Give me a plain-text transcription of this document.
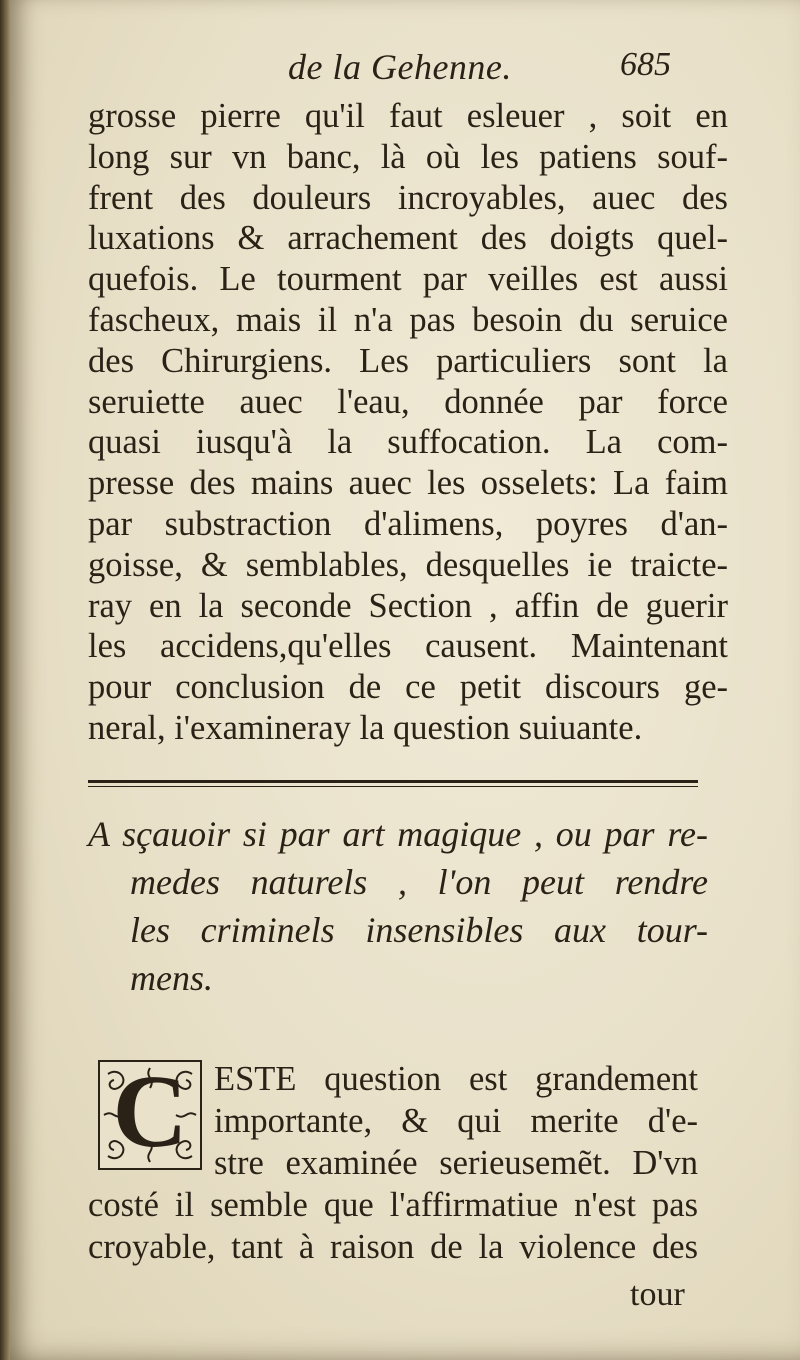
de la Gehenne.	685
grosse pierre qu'il faut esleuer , soit en
long sur vn banc, là où les patiens souf-
frent des douleurs incroyables, auec des
luxations & arrachement des doigts quel-
quefois. Le tourment par veilles est aussi
fascheux, mais il n'a pas besoin du seruice
des Chirurgiens. Les particuliers sont la
seruiette auec l'eau, donnée par force
quasi iusqu'à la suffocation. La com-
presse des mains auec les osselets: La faim
par substraction d'alimens, poyres d'an-
goisse, & semblables, desquelles ie traicte-
ray en la seconde Section , affin de guerir
les accidens,qu'elles causent. Maintenant
pour conclusion de ce petit discours ge-
neral, i'examineray la question suiuante.
A sçauoir si par art magique , ou par re-
medes naturels , l'on peut rendre
les criminels insensibles aux tour-
mens.
C ESTE question est grandement
importante, & qui merite d'e-
stre examinée serieusemẽt. D'vn
costé il semble que l'affirmatiue n'est pas
croyable, tant à raison de la violence des
tour
